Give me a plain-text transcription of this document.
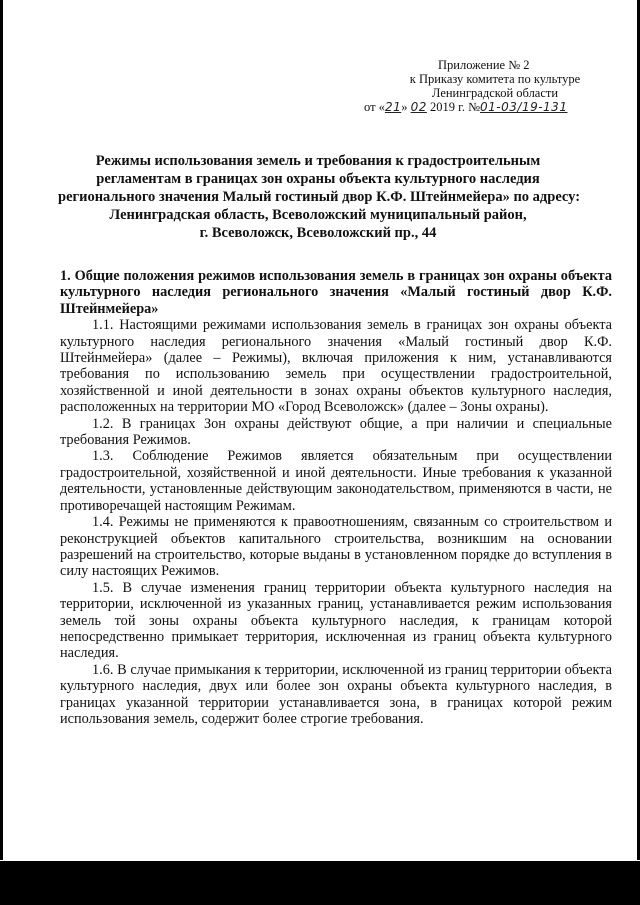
Приложение № 2
к Приказу комитета по культуре
Ленинградской области
от «21» 02 2019 г. №01-03/19-131
Режимы использования земель и требования к градостроительным
регламентам в границах зон охраны объекта культурного наследия
регионального значения Малый гостиный двор К.Ф. Штейнмейера» по адресу:
Ленинградская область, Всеволожский муниципальный район,
г. Всеволожск, Всеволожский пр., 44
1. Общие положения режимов использования земель в границах зон охраны объекта культурного наследия регионального значения «Малый гостиный двор К.Ф. Штейнмейера»

1.1. Настоящими режимами использования земель в границах зон охраны объекта культурного наследия регионального значения «Малый гостиный двор К.Ф. Штейнмейера» (далее – Режимы), включая приложения к ним, устанавливаются требования по использованию земель при осуществлении градостроительной, хозяйственной и иной деятельности в зонах охраны объектов культурного наследия, расположенных на территории МО «Город Всеволожск» (далее – Зоны охраны).

1.2. В границах Зон охраны действуют общие, а при наличии и специальные требования Режимов.

1.3. Соблюдение Режимов является обязательным при осуществлении градостроительной, хозяйственной и иной деятельности. Иные требования к указанной деятельности, установленные действующим законодательством, применяются в части, не противоречащей настоящим Режимам.

1.4. Режимы не применяются к правоотношениям, связанным со строительством и реконструкцией объектов капитального строительства, возникшим на основании разрешений на строительство, которые выданы в установленном порядке до вступления в силу настоящих Режимов.

1.5. В случае изменения границ территории объекта культурного наследия на территории, исключенной из указанных границ, устанавливается режим использования земель той зоны охраны объекта культурного наследия, к границам которой непосредственно примыкает территория, исключенная из границ объекта культурного наследия.

1.6. В случае примыкания к территории, исключенной из границ территории объекта культурного наследия, двух или более зон охраны объекта культурного наследия, в границах указанной территории устанавливается зона, в границах которой режим использования земель, содержит более строгие требования.
